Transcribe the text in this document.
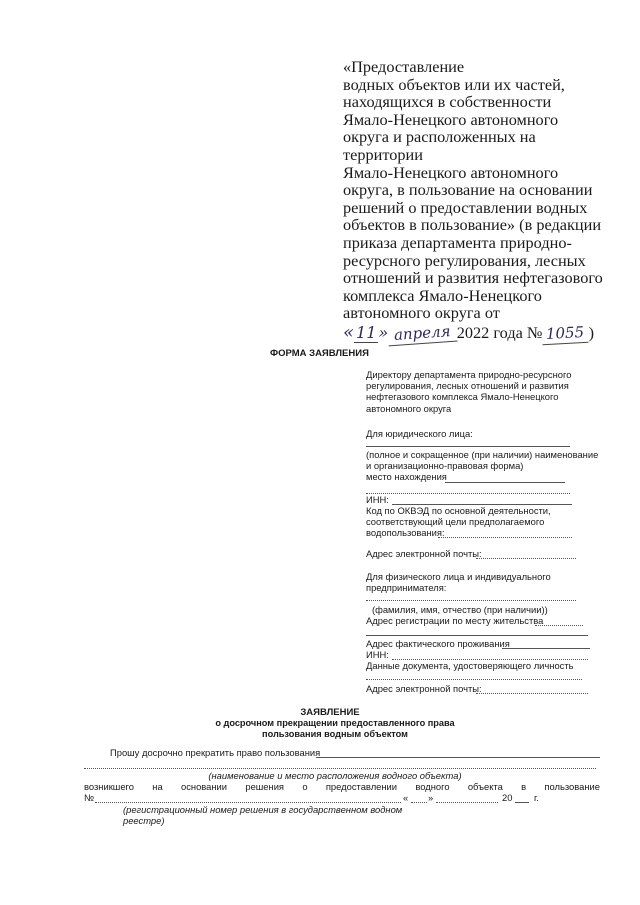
«Предоставление
водных объектов или их частей,
находящихся в собственности
Ямало-Ненецкого автономного
округа и расположенных на
территории
Ямало-Ненецкого автономного
округа, в пользование на основании
решений о предоставлении водных
объектов в пользование» (в редакции
приказа департамента природно-
ресурсного регулирования, лесных
отношений и развития нефтегазового
комплекса Ямало-Ненецкого
автономного округа от
« 11 » апреля 2022 года № 1055 )
ФОРМА ЗАЯВЛЕНИЯ
Директору департамента природно-ресурсного
регулирования, лесных отношений и развития
нефтегазового комплекса Ямало-Ненецкого
автономного округа
Для юридического лица:
(полное и сокращенное (при наличии) наименование
и организационно-правовая форма)
место нахождения
ИНН:
Код по ОКВЭД по основной деятельности,
соответствующий цели предполагаемого
водопользования:
Адрес электронной почты:
Для физического лица и индивидуального
предпринимателя:
(фамилия, имя, отчество (при наличии))
Адрес регистрации по месту жительства
Адрес фактического проживания
ИНН:
Данные документа, удостоверяющего личность
Адрес электронной почты:
ЗАЯВЛЕНИЕ
о досрочном прекращении предоставленного права
пользования водным объектом
Прошу досрочно прекратить право пользования
(наименование и место расположения водного объекта)
возникшего на основании решения о предоставлении водного объекта в пользование
№	« »	20 г.
(регистрационный номер решения в государственном водном реестре)
